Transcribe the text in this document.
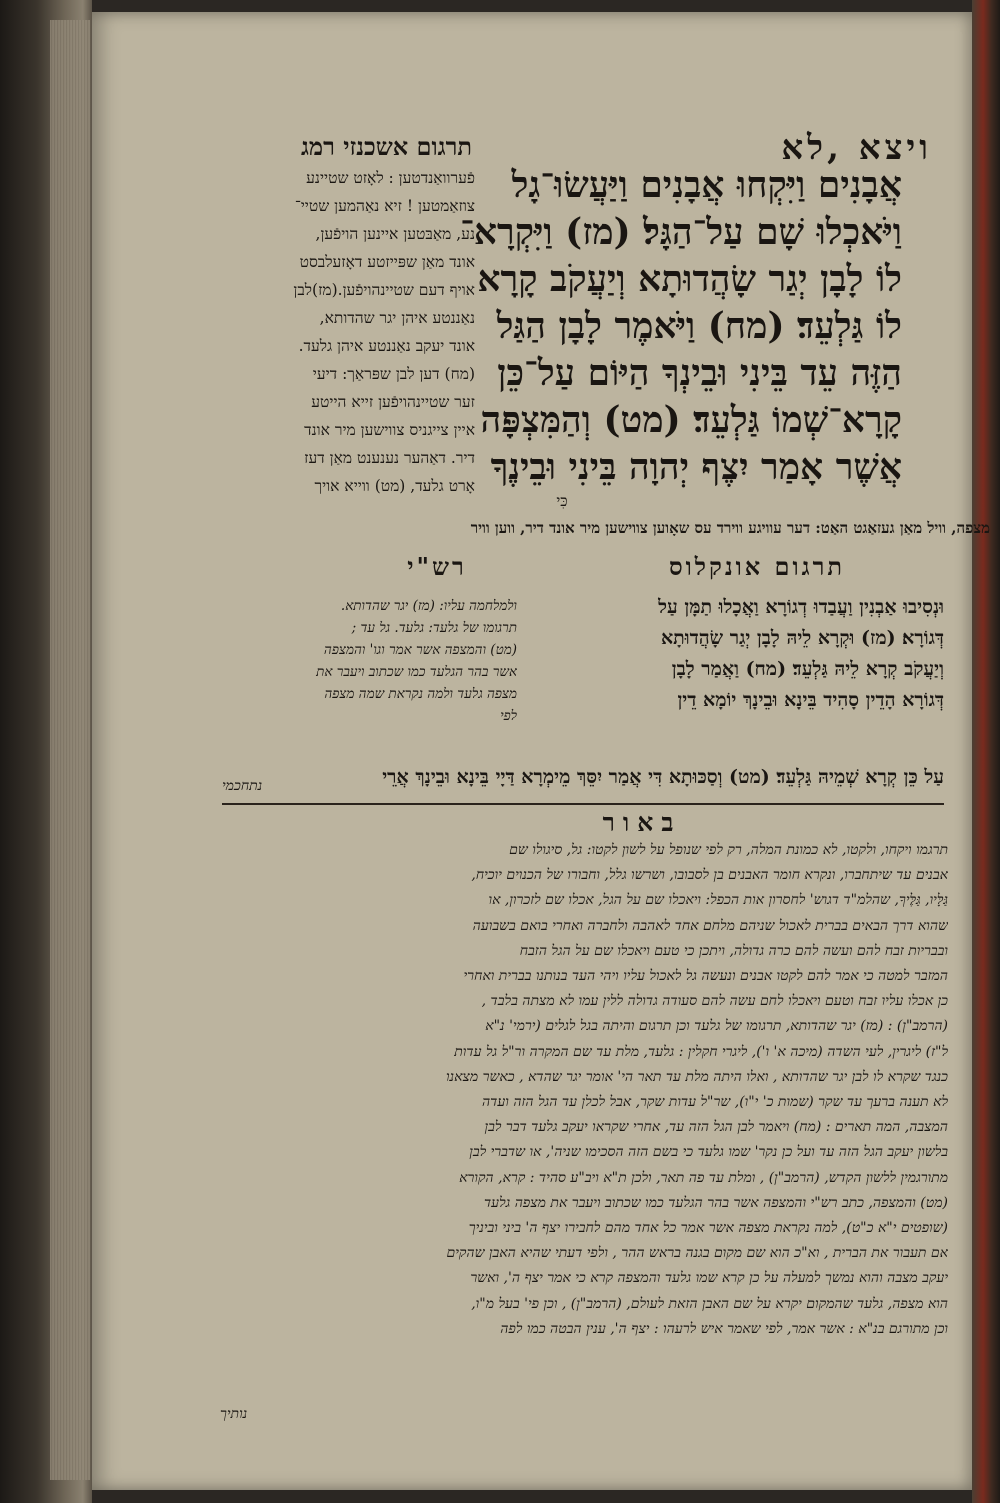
ויצא ,לא
תרגום אשכנזי רמג
אֲבָנִים וַיִּקְחוּ אֲבָנִים וַיַּעֲשׂוּ־גָל
וַיֹּאכְלוּ שָׁם עַל־הַגָּל׃ (מז) וַיִּקְרָא־
לוֹ לָבָן יְגַר שָׂהֲדוּתָא וְיַעֲקֹב קָרָא
לוֹ גַּלְעֵד׃ (מח) וַיֹּאמֶר לָבָן הַגַּל
הַזֶּה עֵד בֵּינִי וּבֵינְךָ הַיּוֹם עַל־כֵּן
קָרָא־שְׁמוֹ גַּלְעֵד׃ (מט) וְהַמִּצְפָּה
אֲשֶׁר אָמַר יִצֶף יְהוָה בֵּינִי וּבֵינֶךָ
כִּי
פֿערוואַנדטען : לאָזט שטיינע
צוזאַמטען ! זיא נאַהמען שטיי־
נע, מאַבּטען איינען הויפֿען,
אונד מאַן שפּייזטע דאָזעלבסט
אויף דעם שטיינהויפֿען.(מז)לבן
נאַננטע איהן יגר שהדותא,
אונד יעקב נאַננטע איהן גלעד.
(מח) דען לבן שפּראַך: דיעי
זער שטיינהויפֿען זייא הייטע
איין צייגניס צווישען מיר אונד
דיר. דאַהער נענענט מאַן דעז
אָרט גלעד, (מט) ווייא אויך
מצפה, וויל מאַן געזאַגט האַט: דער עוויגע ווירד עס שאָוען צווישען מיר אונד דיר, ווען וויר
תרגום אונקלוס
רש"י
וּנְסִיבוּ אַבְנִין וַעֲבַדוּ דְגוֹרָא וַאֲכָלוּ תַמָּן עַל
דְּגוֹרָא׃ (מז) וּקְרָא לֵיהּ לָבָן יְגַר שָׂהֲדוּתָא
וְיַעֲקֹב קְרָא לֵיהּ גַּלְעֵד׃ (מח) וַאֲמַר לָבָן
דְּגוֹרָא הָדֵין סָהִיד בֵּינָא וּבֵינָךְ יוֹמָא דֵין
ולמלחמה עליו: (מז) יגר שהדותא.
תרגומו של גלעד: גלעד. גל עד ;
(מט) והמצפה אשר אמר וגו' והמצפה
אשר בהר הגלעד כמו שכתוב ויעבר את
מצפה גלעד ולמה נקראת שמה מצפה
לפי
עַל כֵּן קְרָא שְׁמֵיהּ גַּלְעֵד׃ (מט) וְסַכּוּתָא דִּי אֲמַר יִסֵּךְ מֵימְרָא דַּיָי בֵּינָא וּבֵינָךְ אֲרֵי
נתחכמי
באור
תרגמו ויקחו, ולקטו, לא כמונת המלה, רק לפי שנופל על לשון לקטו: גל, סיגולו שם
אבנים עד שיתחברו, ונקרא חומר האבנים בן לסבובו, ושרשו גלל, וחבורו של הכנוים יוכיח,
גַּלָּיו, גַּלֶּיךָ, שהלמ"ד דגוש' לחסרון אות הכפל: ויאכלו שם על הגל, אכלו שם לזכרון, או
שהוא דרך הבאים בברית לאכול שניהם מלחם אחד לאהבה ולחברה ואחרי בואם בשבועה
ובבריות זבח להם ועשה להם כרה גדולה, ויתכן כי טעם ויאכלו שם על הגל הזבח
המזבר למטה כי אמר להם לקטו אבנים ונעשה גל לאכול עליו ויהי העד בנותנו בברית ואחרי
כן אכלו עליו זבח וטעם ויאכלו לחם עשה להם סעודה גדולה ללין עמו לא מצתה בלבד ,
(הרמב"ן) : (מז) יגר שהדותא, תרגומו של גלעד וכן תרגום והיתה בגל לגלים (ירמי' נ"א
ל"ז) ליגרין, לעי השדה (מיכה א' ו'), ליגרי חקלין : גלעד, מלת עד שם המקרה ור"ל גל עדות
כנגד שקרא לו לבן יגר שהדותא , ואלו היתה מלת עד תאר הי' אומר יגר שהדא , כאשר מצאנו
לא תענה ברעך עד שקר (שמות כ' י"ו), שר"ל עדות שקר, אבל לכלן עד הגל הזה ועדה
המצבה, המה תארים : (מח) ויאמר לבן הגל הזה עד, אחרי שקראו יעקב גלעד דבר לבן
בלשון יעקב הגל הזה עד ועל כן נקר' שמו גלעד כי בשם הזה הסכימו שניה', או שדברי לבן
מתורגמין ללשון הקדש, (הרמב"ן) , ומלת עד פה תאר, ולכן ת"א ויב"ע סהיד : קרא, הקורא
(מט) והמצפה, כתב רש"י והמצפה אשר בהר הגלעד כמו שכתוב ויעבר את מצפה גלעד
(שופטים י"א כ"ט), למה נקראת מצפה אשר אמר כל אחד מהם לחבירו יצף ה' ביני וביניך
אם תעבור את הברית , וא"כ הוא שם מקום בגנה בראש ההר , ולפי דעתי שהיא האבן שהקים
יעקב מצבה והוא נמשך למעלה על כן קרא שמו גלעד והמצפה קרא כי אמר יצף ה', ואשר
הוא מצפה, גלעד שהמקום יקרא על שם האבן הזאת לעולם, (הרמב"ן) , וכן פי' בעל מ"ו,
וכן מתורגם בנ"א : אשר אמר, לפי שאמר איש לרעהו : יצף ה', ענין הבטה כמו לפה
נותיך
